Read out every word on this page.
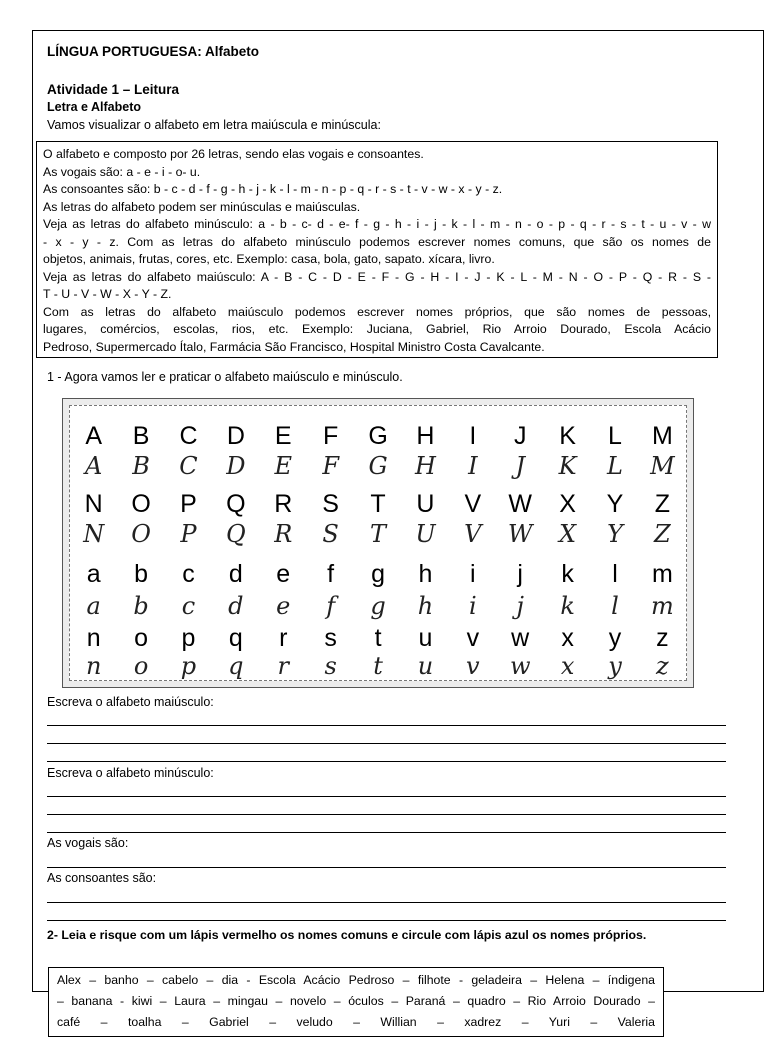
LÍNGUA PORTUGUESA: Alfabeto
Atividade 1 – Leitura
Letra e Alfabeto
Vamos visualizar o alfabeto em letra maiúscula e minúscula:

O alfabeto e composto por 26 letras, sendo elas vogais e consoantes.

As vogais são: a - e - i - o- u.

As consoantes são: b - c - d - f - g - h - j - k - l - m - n - p - q - r - s - t - v - w - x - y - z.

As letras do alfabeto podem ser minúsculas e maiúsculas.

Veja as letras do alfabeto minúsculo: a - b - c- d - e- f - g - h - i - j - k - l - m - n - o - p - q - r - s - t - u - v - w

- x - y - z. Com as letras do alfabeto minúsculo podemos escrever nomes comuns, que são os nomes de

objetos, animais, frutas, cores, etc. Exemplo: casa, bola, gato, sapato. xícara, livro.

Veja as letras do alfabeto maiúsculo: A - B - C - D - E - F - G - H - I - J - K - L - M - N - O - P - Q - R - S -

T - U - V - W - X - Y - Z.

Com as letras do alfabeto maiúsculo podemos escrever nomes próprios, que são nomes de pessoas,

lugares, comércios, escolas, rios, etc. Exemplo: Juciana, Gabriel, Rio Arroio Dourado, Escola Acácio

Pedroso, Supermercado Ítalo, Farmácia São Francisco, Hospital Ministro Costa Cavalcante.

1 - Agora vamos ler e praticar o alfabeto maiúsculo e minúsculo.
A	B	C	D	E	F	G	H	I	J	K	L	M
A	B	C	D	E	F	G	H	I	J	K	L	M
N	O	P	Q	R	S	T	U	V	W	X	Y	Z
N	O	P	Q	R	S	T	U	V	W	X	Y	Z
a	b	c	d	e	f	g	h	i	j	k	l	m
a	b	c	d	e	f	g	h	i	j	k	l	m
n	o	p	q	r	s	t	u	v	w	x	y	z
n	o	p	q	r	s	t	u	v	w	x	y	z
Escreva o alfabeto maiúsculo:
Escreva o alfabeto minúsculo:
As vogais são:
As consoantes são:
2- Leia e risque com um lápis vermelho os nomes comuns e circule com lápis azul os nomes próprios.

Alex – banho – cabelo – dia - Escola Acácio Pedroso – filhote - geladeira – Helena – índigena

– banana - kiwi – Laura – mingau – novelo – óculos – Paraná – quadro – Rio Arroio Dourado –

café – toalha – Gabriel – veludo – Willian – xadrez – Yuri – Valeria
